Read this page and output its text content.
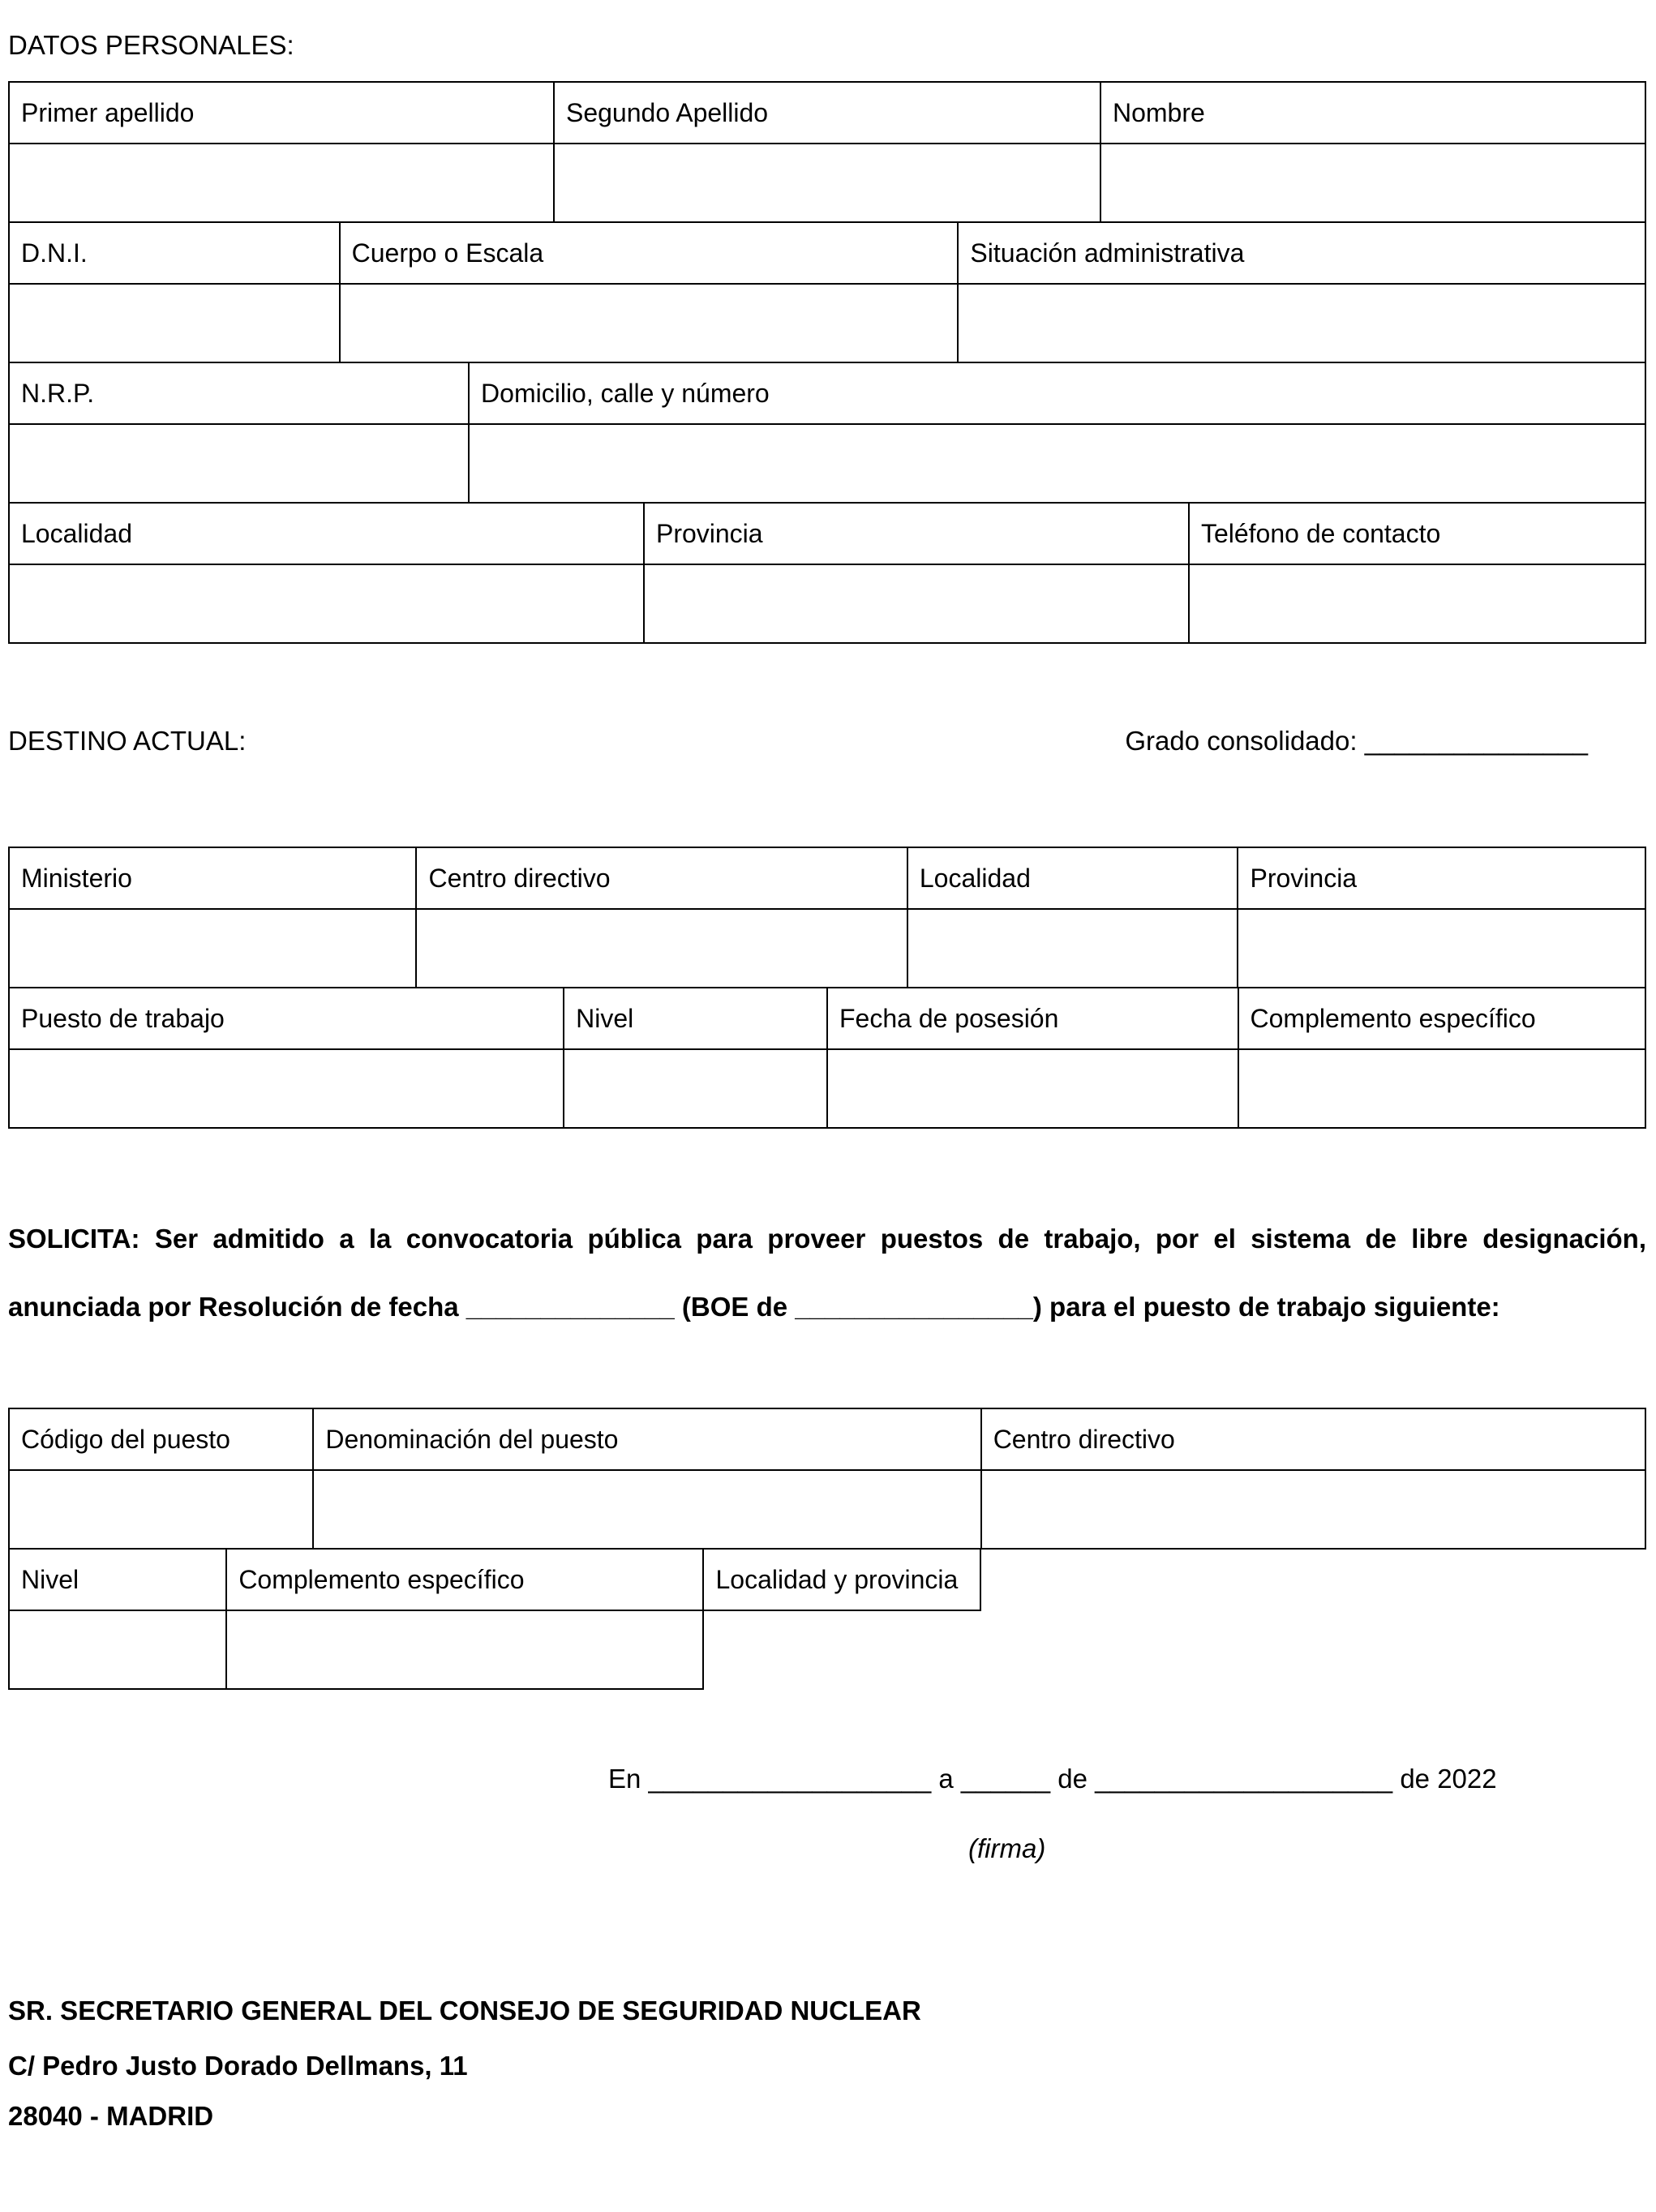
DATOS PERSONALES:
Primer apellido	Segundo Apellido	Nombre

D.N.I.	Cuerpo o Escala	Situación administrativa

N.R.P.	Domicilio, calle y número

Localidad	Provincia	Teléfono de contacto

DESTINO ACTUAL:	Grado consolidado: _______________
Ministerio	Centro directivo	Localidad	Provincia

Puesto de trabajo	Nivel	Fecha de posesión	Complemento específico

SOLICITA: Ser admitido a la convocatoria pública para proveer puestos de trabajo, por el sistema de libre designación, anunciada por Resolución de fecha ______________ (BOE de ________________) para el puesto de trabajo siguiente:
Código del puesto	Denominación del puesto	Centro directivo

Nivel	Complemento específico	Localidad y provincia

En ___________________ a ______ de ____________________ de 2022
(firma)
SR. SECRETARIO GENERAL DEL CONSEJO DE SEGURIDAD NUCLEAR
C/ Pedro Justo Dorado Dellmans, 11
28040 - MADRID
